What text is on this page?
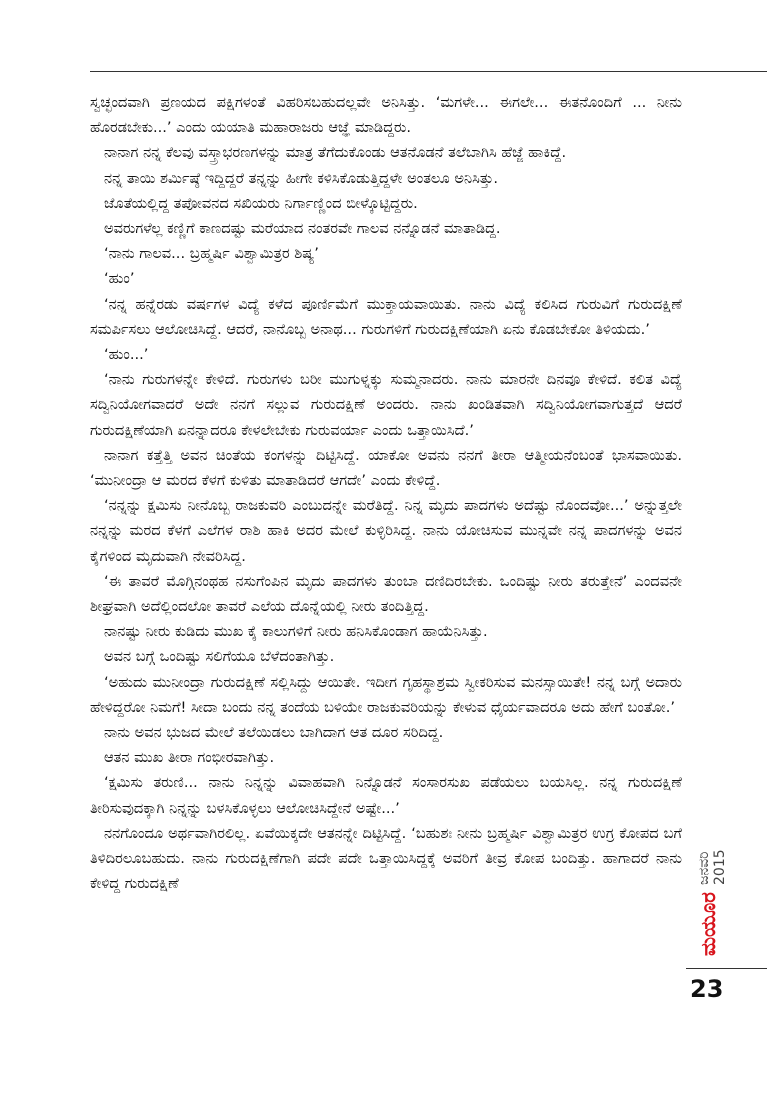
ಸ್ವಚ್ಛಂದವಾಗಿ ಪ್ರಣಯದ ಪಕ್ಷಿಗಳಂತೆ ವಿಹರಿಸಬಹುದಲ್ಲವೇ ಅನಿಸಿತ್ತು. ‘ಮಗಳೇ... ಈಗಲೇ... ಈತನೊಂದಿಗೆ ... ನೀನು ಹೊರಡಬೇಕು...’ ಎಂದು ಯಯಾತಿ ಮಹಾರಾಜರು ಆಜ್ಞೆ ಮಾಡಿದ್ದರು.

ನಾನಾಗ ನನ್ನ ಕೆಲವು ವಸ್ತ್ರಾಭರಣಗಳನ್ನು ಮಾತ್ರ ತೆಗೆದುಕೊಂಡು ಆತನೊಡನೆ ತಲೆಬಾಗಿಸಿ ಹೆಜ್ಜೆ ಹಾಕಿದ್ದೆ.

ನನ್ನ ತಾಯಿ ಶರ್ಮಿಷ್ಠೆ ಇದ್ದಿದ್ದರೆ ತನ್ನನ್ನು ಹೀಗೇ ಕಳಿಸಿಕೊಡುತ್ತಿದ್ದಳೇ ಅಂತಲೂ ಅನಿಸಿತ್ತು.

ಜೊತೆಯಲ್ಲಿದ್ದ ತಪೋವನದ ಸಖಿಯರು ನಿರ್ಗಾಣ್ಣಿಂದ ಬೀಳ್ಕೊಟ್ಟಿದ್ದರು.

ಅವರುಗಳೆಲ್ಲ ಕಣ್ಣಿಗೆ ಕಾಣದಷ್ಟು ಮರೆಯಾದ ನಂತರವೇ ಗಾಲವ ನನ್ನೊಡನೆ ಮಾತಾಡಿದ್ದ.

‘ನಾನು ಗಾಲವ... ಬ್ರಹ್ಮರ್ಷಿ ವಿಶ್ವಾಮಿತ್ರರ ಶಿಷ್ಯ’

‘ಹುಂ’

‘ನನ್ನ ಹನ್ನೆರಡು ವರ್ಷಗಳ ವಿದ್ಯೆ ಕಳೆದ ಪೂರ್ಣಿಮೆಗೆ ಮುಕ್ತಾಯವಾಯಿತು. ನಾನು ವಿದ್ಯೆ ಕಲಿಸಿದ ಗುರುವಿಗೆ ಗುರುದಕ್ಷಿಣೆ ಸಮರ್ಪಿಸಲು ಆಲೋಚಿಸಿದ್ದೆ. ಆದರೆ, ನಾನೊಬ್ಬ ಅನಾಥ... ಗುರುಗಳಿಗೆ ಗುರುದಕ್ಷಿಣೆಯಾಗಿ ಏನು ಕೊಡಬೇಕೋ ತಿಳಿಯದು.’

‘ಹುಂ...’

‘ನಾನು ಗುರುಗಳನ್ನೇ ಕೇಳಿದೆ. ಗುರುಗಳು ಬರೀ ಮುಗುಳ್ನಕ್ಕು ಸುಮ್ಮನಾದರು. ನಾನು ಮಾರನೇ ದಿನವೂ ಕೇಳಿದೆ. ಕಲಿತ ವಿದ್ಯೆ ಸದ್ವಿನಿಯೋಗವಾದರೆ ಅದೇ ನನಗೆ ಸಲ್ಲುವ ಗುರುದಕ್ಷಿಣೆ ಅಂದರು. ನಾನು ಖಂಡಿತವಾಗಿ ಸದ್ವಿನಿಯೋಗವಾಗುತ್ತದೆ ಆದರೆ ಗುರುದಕ್ಷಿಣೆಯಾಗಿ ಏನನ್ನಾದರೂ ಕೇಳಲೇಬೇಕು ಗುರುವರ್ಯಾ ಎಂದು ಒತ್ತಾಯಿಸಿದೆ.’

ನಾನಾಗ ಕತ್ತೆತ್ತಿ ಅವನ ಚಿಂತೆಯ ಕಂಗಳನ್ನು ದಿಟ್ಟಿಸಿದ್ದೆ. ಯಾಕೋ ಅವನು ನನಗೆ ತೀರಾ ಆತ್ಮೀಯನೆಂಬಂತೆ ಭಾಸವಾಯಿತು. ‘ಮುನೀಂದ್ರಾ ಆ ಮರದ ಕೆಳಗೆ ಕುಳಿತು ಮಾತಾಡಿದರೆ ಆಗದೇ’ ಎಂದು ಕೇಳಿದ್ದೆ.

‘ನನ್ನನ್ನು ಕ್ಷಮಿಸು ನೀನೊಬ್ಬ ರಾಜಕುವರಿ ಎಂಬುದನ್ನೇ ಮರೆತಿದ್ದೆ. ನಿನ್ನ ಮೃದು ಪಾದಗಳು ಅದೆಷ್ಟು ನೊಂದವೋ...’ ಅನ್ನುತ್ತಲೇ ನನ್ನನ್ನು ಮರದ ಕೆಳಗೆ ಎಲೆಗಳ ರಾಶಿ ಹಾಕಿ ಅದರ ಮೇಲೆ ಕುಳ್ಳಿರಿಸಿದ್ದ. ನಾನು ಯೋಚಿಸುವ ಮುನ್ನವೇ ನನ್ನ ಪಾದಗಳನ್ನು ಅವನ ಕೈಗಳಿಂದ ಮೃದುವಾಗಿ ನೇವರಿಸಿದ್ದ.

‘ಈ ತಾವರೆ ಮೊಗ್ಗಿನಂಥಹ ನಸುಗೆಂಪಿನ ಮೃದು ಪಾದಗಳು ತುಂಬಾ ದಣಿದಿರಬೇಕು. ಒಂದಿಷ್ಟು ನೀರು ತರುತ್ತೇನೆ’ ಎಂದವನೇ ಶೀಘ್ರವಾಗಿ ಅದೆಲ್ಲಿಂದಲೋ ತಾವರೆ ಎಲೆಯ ದೊನ್ನೆಯಲ್ಲಿ ನೀರು ತಂದಿತ್ತಿದ್ದ.

ನಾನಷ್ಟು ನೀರು ಕುಡಿದು ಮುಖ ಕೈ ಕಾಲುಗಳಿಗೆ ನೀರು ಹನಿಸಿಕೊಂಡಾಗ ಹಾಯೆನಿಸಿತ್ತು.

ಅವನ ಬಗ್ಗೆ ಒಂದಿಷ್ಟು ಸಲಿಗೆಯೂ ಬೆಳೆದಂತಾಗಿತ್ತು.

‘ಅಹುದು ಮುನೀಂದ್ರಾ ಗುರುದಕ್ಷಿಣೆ ಸಲ್ಲಿಸಿದ್ದು ಆಯಿತೇ. ಇದೀಗ ಗೃಹಸ್ಥಾಶ್ರಮ ಸ್ವೀಕರಿಸುವ ಮನಸ್ಸಾಯಿತೇ! ನನ್ನ ಬಗ್ಗೆ ಅದಾರು ಹೇಳಿದ್ದರೋ ನಿಮಗೆ! ಸೀದಾ ಬಂದು ನನ್ನ ತಂದೆಯ ಬಳಿಯೇ ರಾಜಕುವರಿಯನ್ನು ಕೇಳುವ ಧೈರ್ಯವಾದರೂ ಅದು ಹೇಗೆ ಬಂತೋ.’

ನಾನು ಅವನ ಭುಜದ ಮೇಲೆ ತಲೆಯಿಡಲು ಬಾಗಿದಾಗ ಆತ ದೂರ ಸರಿದಿದ್ದ.

ಆತನ ಮುಖ ತೀರಾ ಗಂಭೀರವಾಗಿತ್ತು.

‘ಕ್ಷಮಿಸು ತರುಣಿ... ನಾನು ನಿನ್ನನ್ನು ವಿವಾಹವಾಗಿ ನಿನ್ನೊಡನೆ ಸಂಸಾರಸುಖ ಪಡೆಯಲು ಬಯಸಿಲ್ಲ. ನನ್ನ ಗುರುದಕ್ಷಿಣೆ ತೀರಿಸುವುದಕ್ಕಾಗಿ ನಿನ್ನನ್ನು ಬಳಸಿಕೊಳ್ಳಲು ಆಲೋಚಿಸಿದ್ದೇನೆ ಅಷ್ಟೇ...’

ನನಗೊಂದೂ ಅರ್ಥವಾಗಿರಲಿಲ್ಲ. ಏವೆಯಿಕ್ಕದೇ ಆತನನ್ನೇ ದಿಟ್ಟಿಸಿದ್ದೆ. ‘ಬಹುಶಃ ನೀನು ಬ್ರಹ್ಮರ್ಷಿ ವಿಶ್ವಾಮಿತ್ರರ ಉಗ್ರ ಕೋಪದ ಬಗೆ ತಿಳಿದಿರಲೂಬಹುದು. ನಾನು ಗುರುದಕ್ಷಿಣೆಗಾಗಿ ಪದೇ ಪದೇ ಒತ್ತಾಯಿಸಿದ್ದಕ್ಕೆ ಅವರಿಗೆ ತೀವ್ರ ಕೋಪ ಬಂದಿತ್ತು. ಹಾಗಾದರೆ ನಾನು ಕೇಳಿದ್ದ ಗುರುದಕ್ಷಿಣೆ	ಜನವರಿ 2015
ಮಯೂರ
23
